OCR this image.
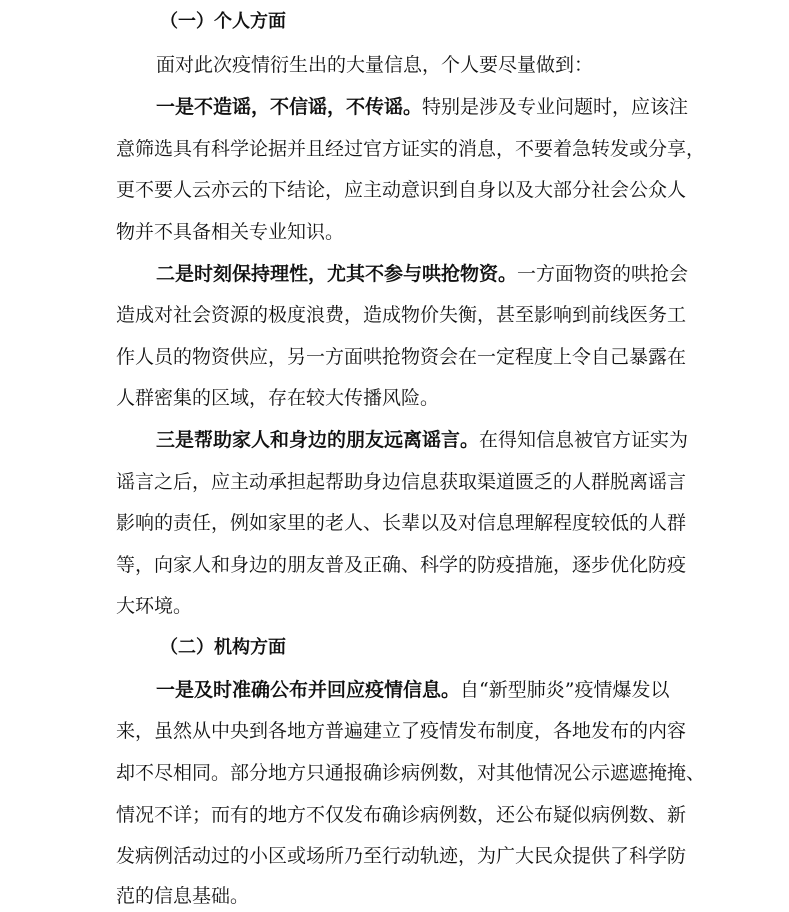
（一）个人方面
面对此次疫情衍生出的大量信息，个人要尽量做到：
一是不造谣，不信谣，不传谣。特别是涉及专业问题时，应该注
意筛选具有科学论据并且经过官方证实的消息，不要着急转发或分享，
更不要人云亦云的下结论，应主动意识到自身以及大部分社会公众人
物并不具备相关专业知识。
二是时刻保持理性，尤其不参与哄抢物资。一方面物资的哄抢会
造成对社会资源的极度浪费，造成物价失衡，甚至影响到前线医务工
作人员的物资供应，另一方面哄抢物资会在一定程度上令自己暴露在
人群密集的区域，存在较大传播风险。
三是帮助家人和身边的朋友远离谣言。在得知信息被官方证实为
谣言之后，应主动承担起帮助身边信息获取渠道匮乏的人群脱离谣言
影响的责任，例如家里的老人、长辈以及对信息理解程度较低的人群
等，向家人和身边的朋友普及正确、科学的防疫措施，逐步优化防疫
大环境。
（二）机构方面
一是及时准确公布并回应疫情信息。自“新型肺炎”疫情爆发以
来，虽然从中央到各地方普遍建立了疫情发布制度，各地发布的内容
却不尽相同。部分地方只通报确诊病例数，对其他情况公示遮遮掩掩、
情况不详；而有的地方不仅发布确诊病例数，还公布疑似病例数、新
发病例活动过的小区或场所乃至行动轨迹，为广大民众提供了科学防
范的信息基础。
